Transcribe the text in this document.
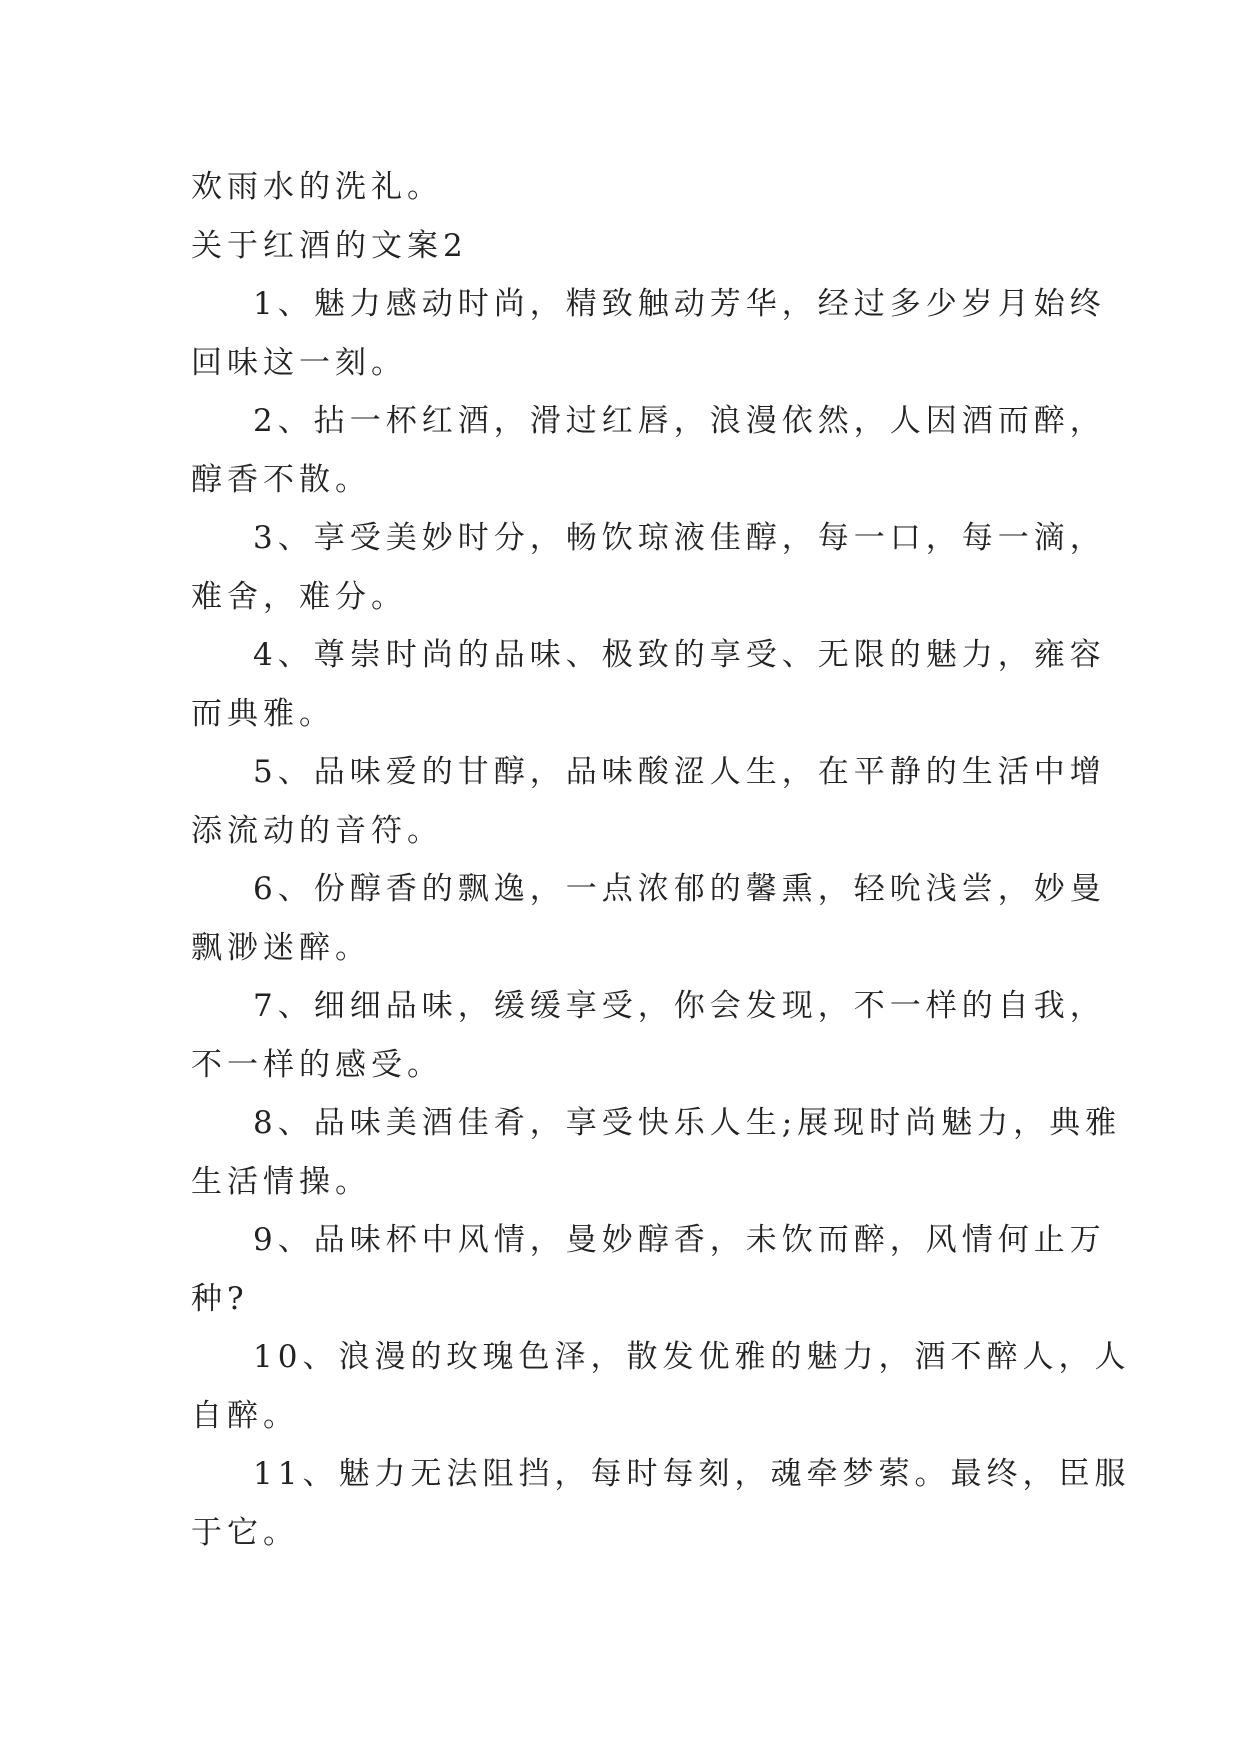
欢雨水的洗礼。
关于红酒的文案2
1、魅力感动时尚，精致触动芳华，经过多少岁月始终
回味这一刻。
2、拈一杯红酒，滑过红唇，浪漫依然，人因酒而醉，
醇香不散。
3、享受美妙时分，畅饮琼液佳醇，每一口，每一滴，
难舍，难分。
4、尊崇时尚的品味、极致的享受、无限的魅力，雍容
而典雅。
5、品味爱的甘醇，品味酸涩人生，在平静的生活中增
添流动的音符。
6、份醇香的飘逸，一点浓郁的馨熏，轻吮浅尝，妙曼
飘渺迷醉。
7、细细品味，缓缓享受，你会发现，不一样的自我，
不一样的感受。
8、品味美酒佳肴，享受快乐人生;展现时尚魅力，典雅
生活情操。
9、品味杯中风情，曼妙醇香，未饮而醉，风情何止万
种?
10、浪漫的玫瑰色泽，散发优雅的魅力，酒不醉人，人
自醉。
11、魅力无法阻挡，每时每刻，魂牵梦萦。最终，臣服
于它。
